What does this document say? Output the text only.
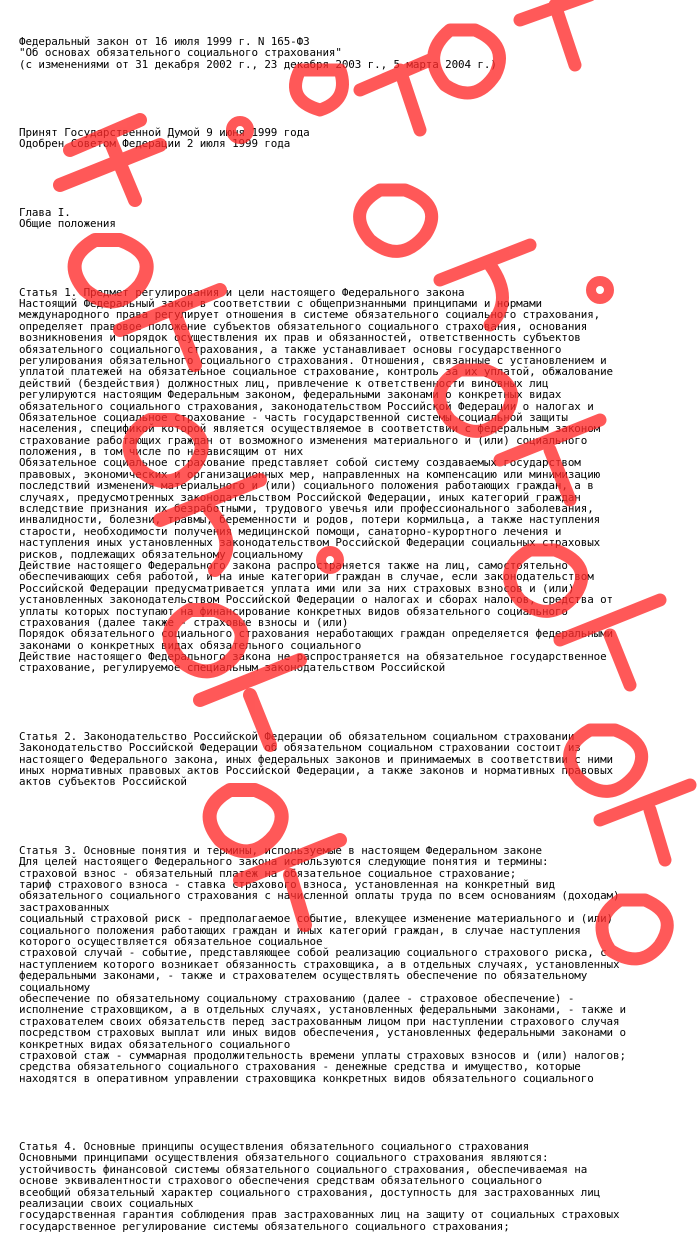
Федеральный закон от 16 июля 1999 г. N 165-ФЗ
"Об основах обязательного социального страхования"
(с изменениями от 31 декабря 2002 г., 23 декабря 2003 г., 5 марта 2004 г.)

Принят Государственной Думой 9 июня 1999 года
Одобрен Советом Федерации 2 июля 1999 года

Глава I.
Общие положения

Статья 1. Предмет регулирования и цели настоящего Федерального закона
Настоящий Федеральный закон в соответствии с общепризнанными принципами и нормами
международного права регулирует отношения в системе обязательного социального страхования,
определяет правовое положение субъектов обязательного социального страхования, основания
возникновения и порядок осуществления их прав и обязанностей, ответственность субъектов
обязательного социального страхования, а также устанавливает основы государственного
регулирования обязательного социального страхования. Отношения, связанные с установлением и
уплатой платежей на обязательное социальное страхование, контроль за их уплатой, обжалование
действий (бездействия) должностных лиц, привлечение к ответственности виновных лиц
регулируются настоящим Федеральным законом, федеральными законами о конкретных видах
обязательного социального страхования, законодательством Российской Федерации о налогах и
Обязательное социальное страхование - часть государственной системы социальной защиты
населения, спецификой которой является осуществляемое в соответствии с федеральным законом
страхование работающих граждан от возможного изменения материального и (или) социального
положения, в том числе по независящим от них
Обязательное социальное страхование представляет собой систему создаваемых государством
правовых, экономических и организационных мер, направленных на компенсацию или минимизацию
последствий изменения материального и (или) социального положения работающих граждан, а в
случаях, предусмотренных законодательством Российской Федерации, иных категорий граждан
вследствие признания их безработными, трудового увечья или профессионального заболевания,
инвалидности, болезни, травмы, беременности и родов, потери кормильца, а также наступления
старости, необходимости получения медицинской помощи, санаторно-курортного лечения и
наступления иных установленных законодательством Российской Федерации социальных страховых
рисков, подлежащих обязательному социальному
Действие настоящего Федерального закона распространяется также на лиц, самостоятельно
обеспечивающих себя работой, и на иные категории граждан в случае, если законодательством
Российской Федерации предусматривается уплата ими или за них страховых взносов и (или)
установленных законодательством Российской Федерации о налогах и сборах налогов, средства от
уплаты которых поступают на финансирование конкретных видов обязательного социального
страхования (далее также - страховые взносы и (или)
Порядок обязательного социального страхования неработающих граждан определяется федеральными
законами о конкретных видах обязательного социального
Действие настоящего Федерального закона не распространяется на обязательное государственное
страхование, регулируемое специальным законодательством Российской

Статья 2. Законодательство Российской Федерации об обязательном социальном страховании
Законодательство Российской Федерации об обязательном социальном страховании состоит из
настоящего Федерального закона, иных федеральных законов и принимаемых в соответствии с ними
иных нормативных правовых актов Российской Федерации, а также законов и нормативных правовых
актов субъектов Российской

Статья 3. Основные понятия и термины, используемые в настоящем Федеральном законе
Для целей настоящего Федерального закона используются следующие понятия и термины:
страховой взнос - обязательный платеж на обязательное социальное страхование;
тариф страхового взноса - ставка страхового взноса, установленная на конкретный вид
обязательного социального страхования с начисленной оплаты труда по всем основаниям (доходам)
застрахованных
социальный страховой риск - предполагаемое событие, влекущее изменение материального и (или)
социального положения работающих граждан и иных категорий граждан, в случае наступления
которого осуществляется обязательное социальное
страховой случай - событие, представляющее собой реализацию социального страхового риска, с
наступлением которого возникает обязанность страховщика, а в отдельных случаях, установленных
федеральными законами, - также и страхователем осуществлять обеспечение по обязательному
социальному
обеспечение по обязательному социальному страхованию (далее - страховое обеспечение) -
исполнение страховщиком, а в отдельных случаях, установленных федеральными законами, - также и
страхователем своих обязательств перед застрахованным лицом при наступлении страхового случая
посредством страховых выплат или иных видов обеспечения, установленных федеральными законами о
конкретных видах обязательного социального
страховой стаж - суммарная продолжительность времени уплаты страховых взносов и (или) налогов;
средства обязательного социального страхования - денежные средства и имущество, которые
находятся в оперативном управлении страховщика конкретных видов обязательного социального

Статья 4. Основные принципы осуществления обязательного социального страхования
Основными принципами осуществления обязательного социального страхования являются:
устойчивость финансовой системы обязательного социального страхования, обеспечиваемая на
основе эквивалентности страхового обеспечения средствам обязательного социального
всеобщий обязательный характер социального страхования, доступность для застрахованных лиц
реализации своих социальных
государственная гарантия соблюдения прав застрахованных лиц на защиту от социальных страховых
государственное регулирование системы обязательного социального страхования;
